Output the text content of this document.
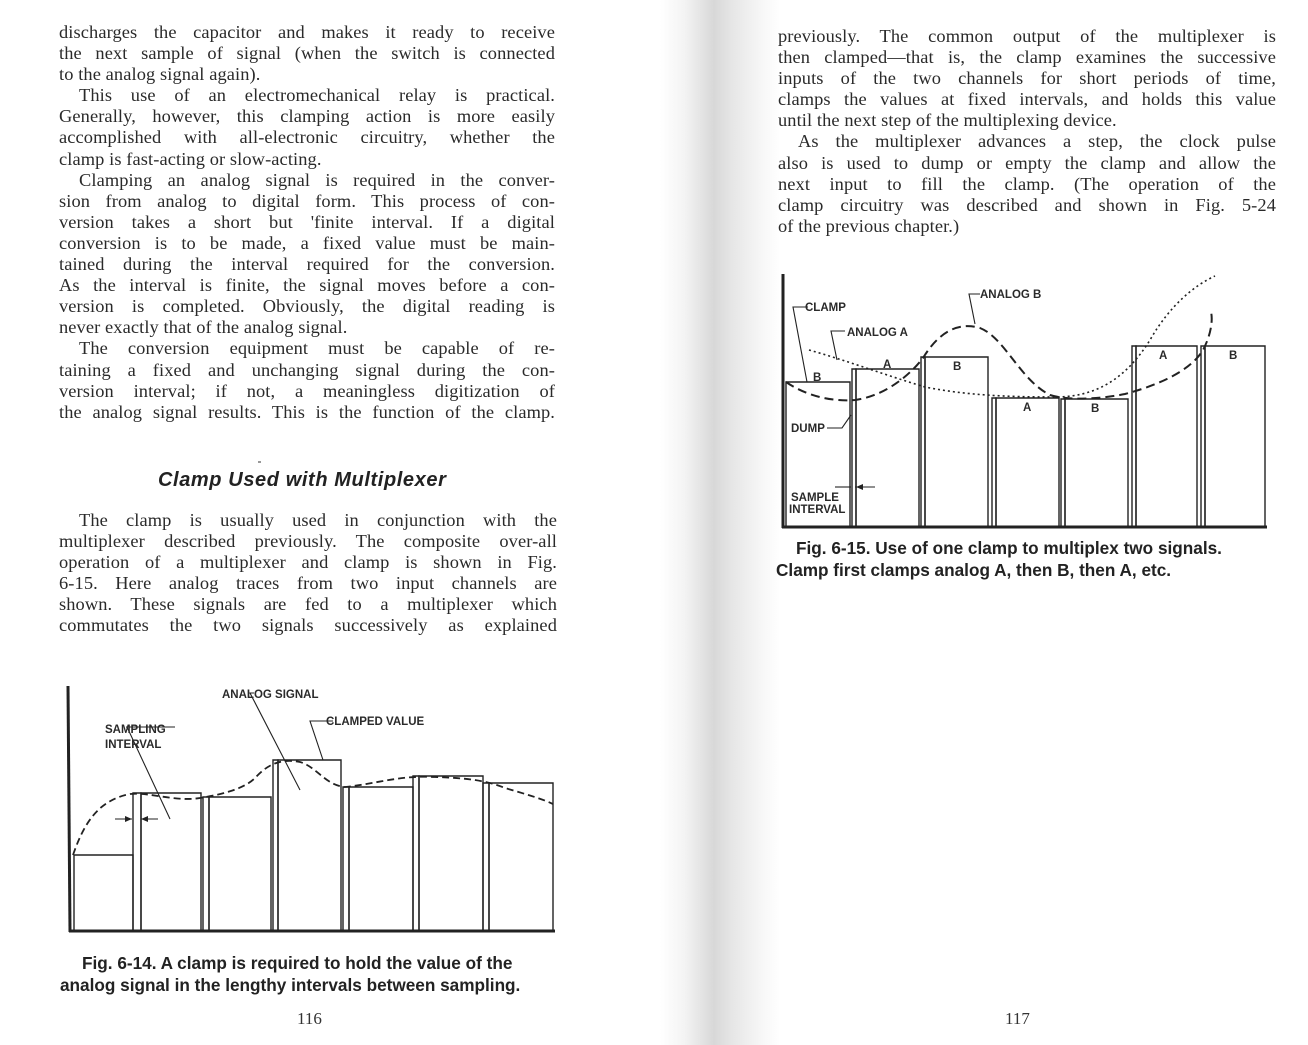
discharges the capacitor and makes it ready to receive
the next sample of signal (when the switch is connected
to the analog signal again).
This use of an electromechanical relay is practical.
Generally, however, this clamping action is more easily
accomplished with all-electronic circuitry, whether the
clamp is fast-acting or slow-acting.
Clamping an analog signal is required in the conver-
sion from analog to digital form. This process of con-
version takes a short but 'finite interval. If a digital
conversion is to be made, a fixed value must be main-
tained during the interval required for the conversion.
As the interval is finite, the signal moves before a con-
version is completed. Obviously, the digital reading is
never exactly that of the analog signal.
The conversion equipment must be capable of re-
taining a fixed and unchanging signal during the con-
version interval; if not, a meaningless digitization of
the analog signal results. This is the function of the clamp.
Clamp Used with Multiplexer
The clamp is usually used in conjunction with the
multiplexer described previously. The composite over-all
operation of a multiplexer and clamp is shown in Fig.
6-15. Here analog traces from two input channels are
shown. These signals are fed to a multiplexer which
commutates the two signals successively as explained
ANALOG SIGNAL
CLAMPED VALUE
SAMPLING
INTERVAL
Fig. 6-14. A clamp is required to hold the value of the
analog signal in the lengthy intervals between sampling.
116
previously. The common output of the multiplexer is
then clamped—that is, the clamp examines the successive
inputs of the two channels for short periods of time,
clamps the values at fixed intervals, and holds this value
until the next step of the multiplexing device.
As the multiplexer advances a step, the clock pulse
also is used to dump or empty the clamp and allow the
next input to fill the clamp. (The operation of the
clamp circuitry was described and shown in Fig. 5-24
of the previous chapter.)
ANALOG B
CLAMP
ANALOG A
DUMP
SAMPLE
INTERVAL
B
A	B
A	B
A	B
Fig. 6-15. Use of one clamp to multiplex two signals.
Clamp first clamps analog A, then B, then A, etc.
117
